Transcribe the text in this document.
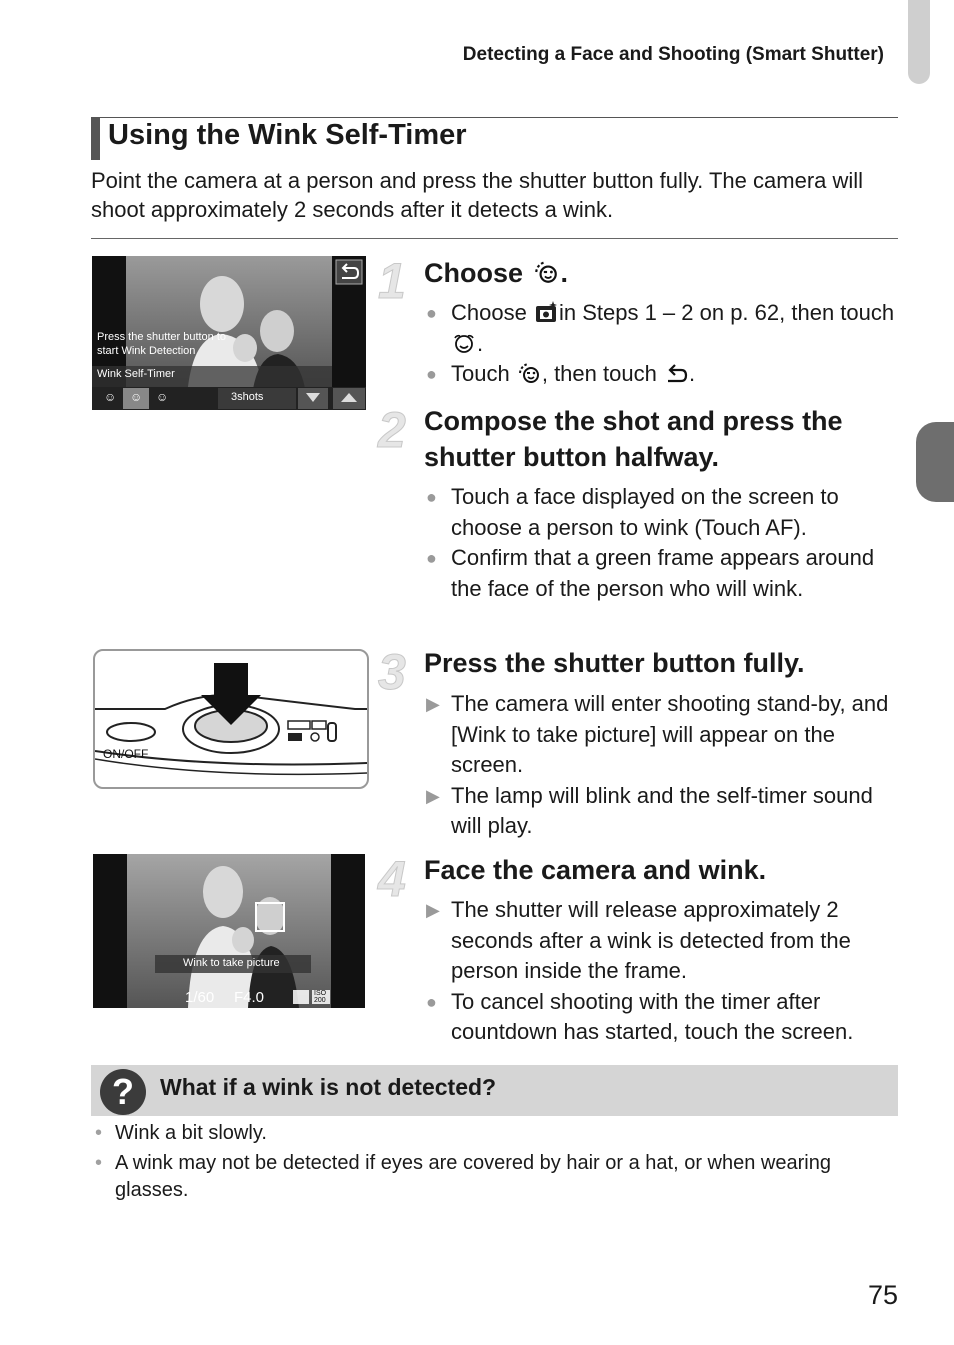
Detecting a Face and Shooting (Smart Shutter)
Using the Wink Self-Timer
Point the camera at a person and press the shutter button fully. The camera will shoot approximately 2 seconds after it detects a wink.
Press the shutter button to
start Wink Detection
Wink Self-Timer
3shots
☺ ☺ ☺
1 Choose .
● Choose in Steps 1 – 2 on p. 62, then touch .
● Touch , then touch .
2 Compose the shot and press the shutter button halfway.
● Touch a face displayed on the screen to choose a person to wink (Touch AF).
● Confirm that a green frame appears around the face of the person who will wink.
ON/OFF
3 Press the shutter button fully.
▶ The camera will enter shooting stand-by, and [Wink to take picture] will appear on the screen.
▶ The lamp will blink and the self-timer sound will play.
Wink to take picture
1/60 F4.0	ISO
200
4 Face the camera and wink.
▶ The shutter will release approximately 2 seconds after a wink is detected from the person inside the frame.
● To cancel shooting with the timer after countdown has started, touch the screen.
?	What if a wink is not detected?
• Wink a bit slowly.
• A wink may not be detected if eyes are covered by hair or a hat, or when wearing glasses.
75
